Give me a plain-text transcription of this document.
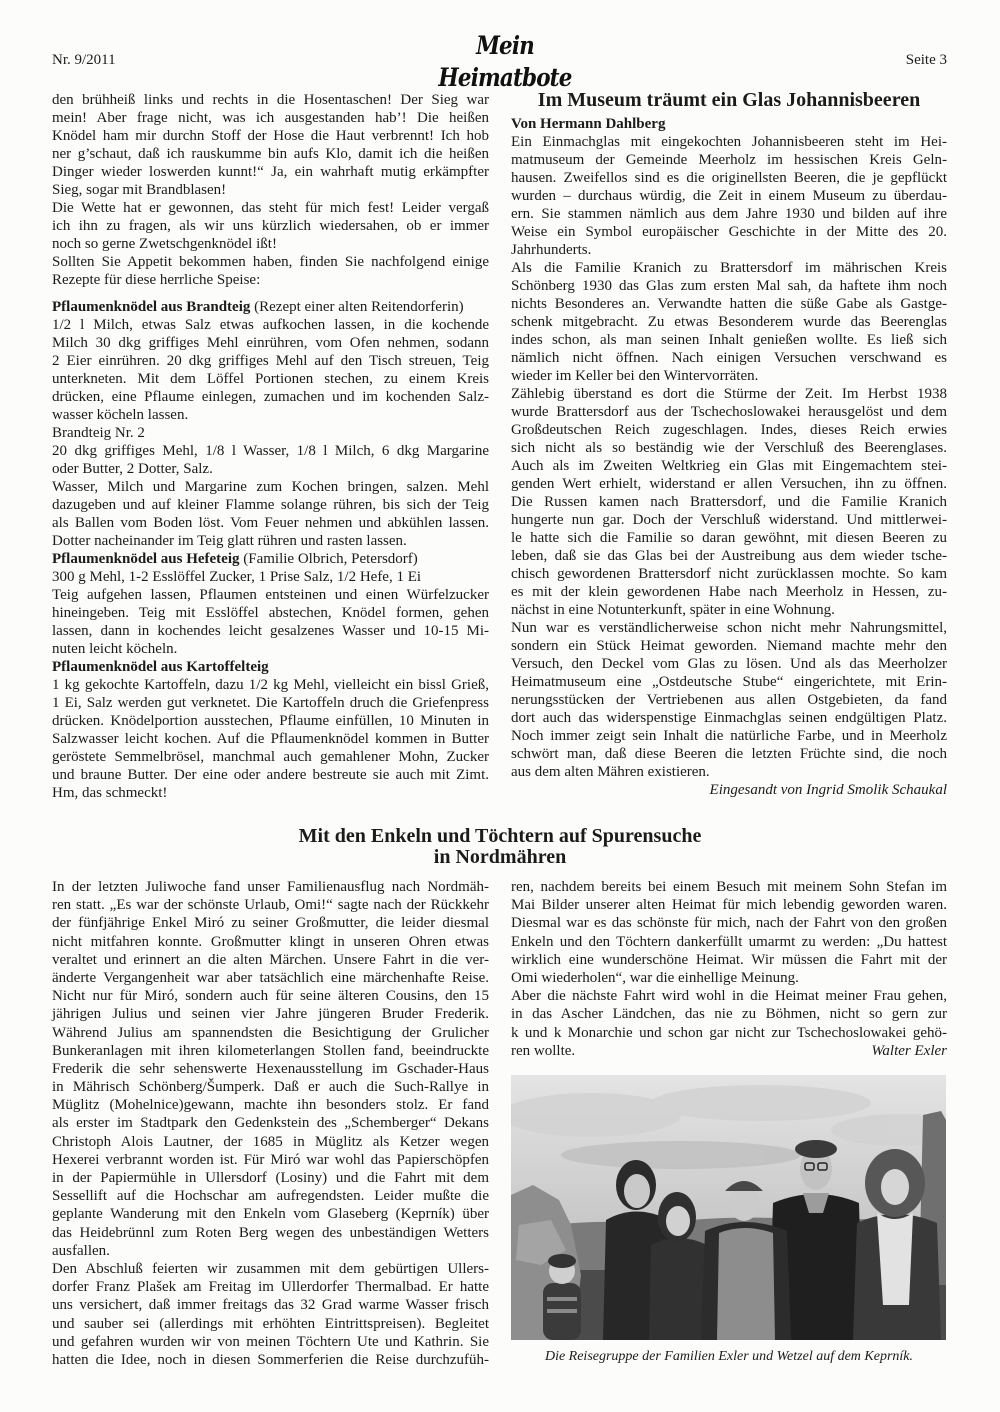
Nr. 9/2011	Mein Heimatbote
Seite 3
den brühheiß links und rechts in die Hosentaschen! Der Sieg war
mein! Aber frage nicht, was ich ausgestanden hab’! Die heißen
Knödel ham mir durchn Stoff der Hose die Haut verbrennt! Ich hob
ner g’schaut, daß ich rauskumme bin aufs Klo, damit ich die heißen
Dinger wieder loswerden kunnt!“ Ja, ein wahrhaft mutig erkämpfter
Sieg, sogar mit Brandblasen!
Die Wette hat er gewonnen, das steht für mich fest! Leider vergaß
ich ihn zu fragen, als wir uns kürzlich wiedersahen, ob er immer
noch so gerne Zwetschgenknödel ißt!
Sollten Sie Appetit bekommen haben, finden Sie nachfolgend einige
Rezepte für diese herrliche Speise:
Pflaumenknödel aus Brandteig (Rezept einer alten Reitendorferin)
1/2 l Milch, etwas Salz etwas aufkochen lassen, in die kochende
Milch 30 dkg griffiges Mehl einrühren, vom Ofen nehmen, sodann
2 Eier einrühren. 20 dkg griffiges Mehl auf den Tisch streuen, Teig
unterkneten. Mit dem Löffel Portionen stechen, zu einem Kreis
drücken, eine Pflaume einlegen, zumachen und im kochenden Salz-
wasser köcheln lassen.
Brandteig Nr. 2
20 dkg griffiges Mehl, 1/8 l Wasser, 1/8 l Milch, 6 dkg Margarine
oder Butter, 2 Dotter, Salz.
Wasser, Milch und Margarine zum Kochen bringen, salzen. Mehl
dazugeben und auf kleiner Flamme solange rühren, bis sich der Teig
als Ballen vom Boden löst. Vom Feuer nehmen und abkühlen lassen.
Dotter nacheinander im Teig glatt rühren und rasten lassen.
Pflaumenknödel aus Hefeteig (Familie Olbrich, Petersdorf)
300 g Mehl, 1-2 Esslöffel Zucker, 1 Prise Salz, 1/2 Hefe, 1 Ei
Teig aufgehen lassen, Pflaumen entsteinen und einen Würfelzucker
hineingeben. Teig mit Esslöffel abstechen, Knödel formen, gehen
lassen, dann in kochendes leicht gesalzenes Wasser und 10-15 Mi-
nuten leicht köcheln.
Pflaumenknödel aus Kartoffelteig
1 kg gekochte Kartoffeln, dazu 1/2 kg Mehl, vielleicht ein bissl Grieß,
1 Ei, Salz werden gut verknetet. Die Kartoffeln druch die Griefenpress
drücken. Knödelportion ausstechen, Pflaume einfüllen, 10 Minuten in
Salzwasser leicht kochen. Auf die Pflaumenknödel kommen in Butter
geröstete Semmelbrösel, manchmal auch gemahlener Mohn, Zucker
und braune Butter. Der eine oder andere bestreute sie auch mit Zimt.
Hm, das schmeckt!
Im Museum träumt ein Glas Johannisbeeren
Von Hermann Dahlberg
Ein Einmachglas mit eingekochten Johannisbeeren steht im Hei-
matmuseum der Gemeinde Meerholz im hessischen Kreis Geln-
hausen. Zweifellos sind es die originellsten Beeren, die je gepflückt
wurden – durchaus würdig, die Zeit in einem Museum zu überdau-
ern. Sie stammen nämlich aus dem Jahre 1930 und bilden auf ihre
Weise ein Symbol europäischer Geschichte in der Mitte des 20.
Jahrhunderts.
Als die Familie Kranich zu Brattersdorf im mährischen Kreis
Schönberg 1930 das Glas zum ersten Mal sah, da haftete ihm noch
nichts Besonderes an. Verwandte hatten die süße Gabe als Gastge-
schenk mitgebracht. Zu etwas Besonderem wurde das Beerenglas
indes schon, als man seinen Inhalt genießen wollte. Es ließ sich
nämlich nicht öffnen. Nach einigen Versuchen verschwand es
wieder im Keller bei den Wintervorräten.
Zählebig überstand es dort die Stürme der Zeit. Im Herbst 1938
wurde Brattersdorf aus der Tschechoslowakei herausgelöst und dem
Großdeutschen Reich zugeschlagen. Indes, dieses Reich erwies
sich nicht als so beständig wie der Verschluß des Beerenglases.
Auch als im Zweiten Weltkrieg ein Glas mit Eingemachtem stei-
genden Wert erhielt, widerstand er allen Versuchen, ihn zu öffnen.
Die Russen kamen nach Brattersdorf, und die Familie Kranich
hungerte nun gar. Doch der Verschluß widerstand. Und mittlerwei-
le hatte sich die Familie so daran gewöhnt, mit diesen Beeren zu
leben, daß sie das Glas bei der Austreibung aus dem wieder tsche-
chisch gewordenen Brattersdorf nicht zurücklassen mochte. So kam
es mit der klein gewordenen Habe nach Meerholz in Hessen, zu-
nächst in eine Notunterkunft, später in eine Wohnung.
Nun war es verständlicherweise schon nicht mehr Nahrungsmittel,
sondern ein Stück Heimat geworden. Niemand machte mehr den
Versuch, den Deckel vom Glas zu lösen. Und als das Meerholzer
Heimatmuseum eine „Ostdeutsche Stube“ eingerichtete, mit Erin-
nerungsstücken der Vertriebenen aus allen Ostgebieten, da fand
dort auch das widerspenstige Einmachglas seinen endgültigen Platz.
Noch immer zeigt sein Inhalt die natürliche Farbe, und in Meerholz
schwört man, daß diese Beeren die letzten Früchte sind, die noch
aus dem alten Mähren existieren.
Eingesandt von Ingrid Smolik Schaukal
Mit den Enkeln und Töchtern auf Spurensuche
in Nordmähren
In der letzten Juliwoche fand unser Familienausflug nach Nordmäh-
ren statt. „Es war der schönste Urlaub, Omi!“ sagte nach der Rückkehr
der fünfjährige Enkel Miró zu seiner Großmutter, die leider diesmal
nicht mitfahren konnte. Großmutter klingt in unseren Ohren etwas
veraltet und erinnert an die alten Märchen. Unsere Fahrt in die ver-
änderte Vergangenheit war aber tatsächlich eine märchenhafte Reise.
Nicht nur für Miró, sondern auch für seine älteren Cousins, den 15
jährigen Julius und seinen vier Jahre jüngeren Bruder Frederik.
Während Julius am spannendsten die Besichtigung der Grulicher
Bunkeranlagen mit ihren kilometerlangen Stollen fand, beeindruckte
Frederik die sehr sehenswerte Hexenausstellung im Gschader-Haus
in Mährisch Schönberg/Šumperk. Daß er auch die Such-Rallye in
Müglitz (Mohelnice)gewann, machte ihn besonders stolz. Er fand
als erster im Stadtpark den Gedenkstein des „Schemberger“ Dekans
Christoph Alois Lautner, der 1685 in Müglitz als Ketzer wegen
Hexerei verbrannt worden ist. Für Miró war wohl das Papierschöpfen
in der Papiermühle in Ullersdorf (Losiny) und die Fahrt mit dem
Sessellift auf die Hochschar am aufregendsten. Leider mußte die
geplante Wanderung mit den Enkeln vom Glaseberg (Keprník) über
das Heidebrünnl zum Roten Berg wegen des unbeständigen Wetters
ausfallen.
Den Abschluß feierten wir zusammen mit dem gebürtigen Ullers-
dorfer Franz Plašek am Freitag im Ullerdorfer Thermalbad. Er hatte
uns versichert, daß immer freitags das 32 Grad warme Wasser frisch
und sauber sei (allerdings mit erhöhten Eintrittspreisen). Begleitet
und gefahren wurden wir von meinen Töchtern Ute und Kathrin. Sie
hatten die Idee, noch in diesen Sommerferien die Reise durchzufüh-
ren, nachdem bereits bei einem Besuch mit meinem Sohn Stefan im
Mai Bilder unserer alten Heimat für mich lebendig geworden waren.
Diesmal war es das schönste für mich, nach der Fahrt von den großen
Enkeln und den Töchtern dankerfüllt umarmt zu werden: „Du hattest
wirklich eine wunderschöne Heimat. Wir müssen die Fahrt mit der
Omi wiederholen“, war die einhellige Meinung.
Aber die nächste Fahrt wird wohl in die Heimat meiner Frau gehen,
in das Ascher Ländchen, das nie zu Böhmen, nicht so gern zur
k und k Monarchie und schon gar nicht zur Tschechoslowakei gehö-
ren wollte.	Walter Exler
Die Reisegruppe der Familien Exler und Wetzel auf dem Keprník.
